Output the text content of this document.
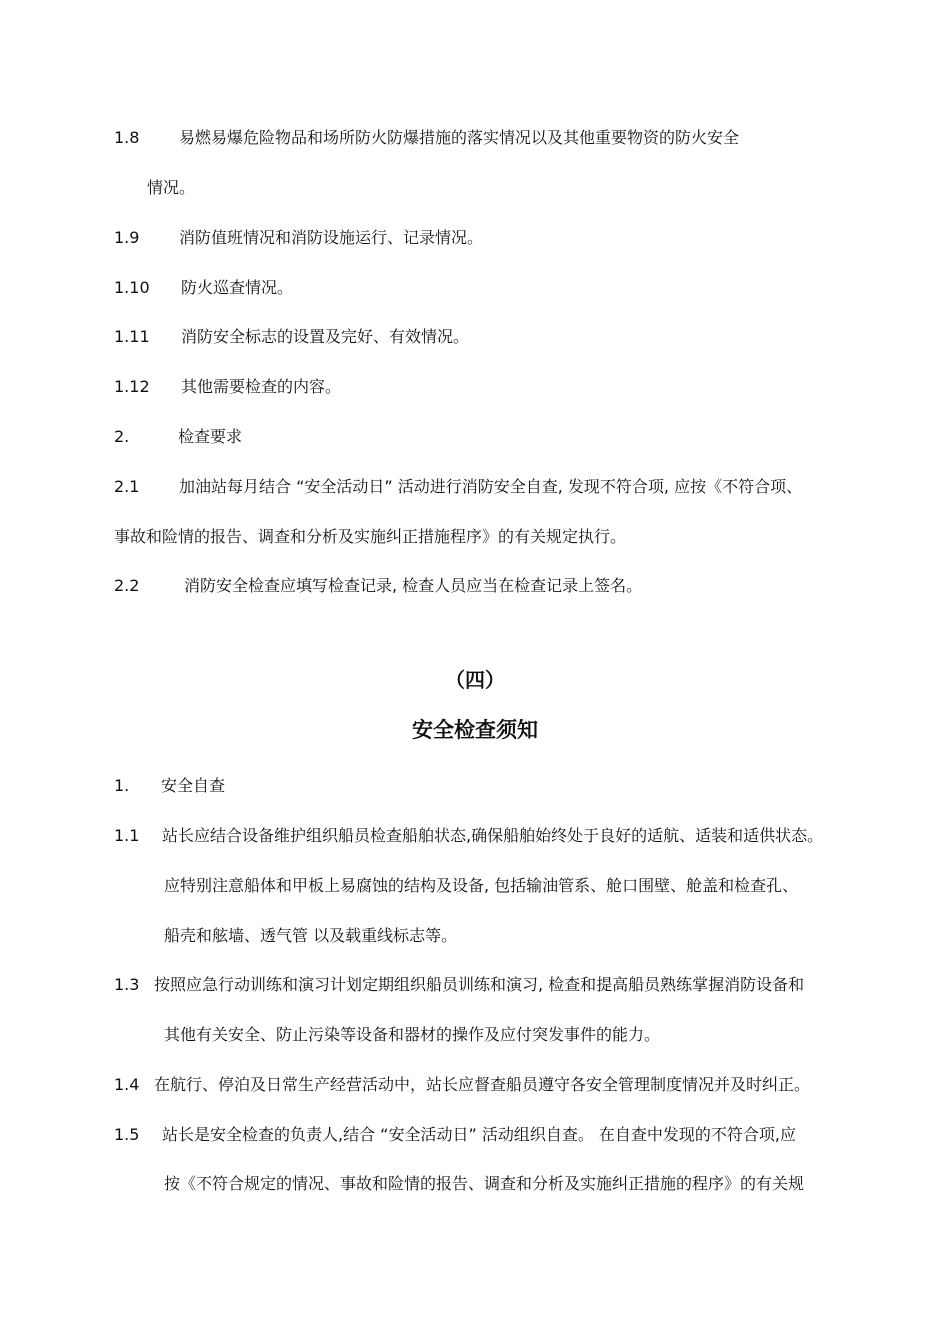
1.8 易燃易爆危险物品和场所防火防爆措施的落实情况以及其他重要物资的防火安全
情况。
1.9 消防值班情况和消防设施运行、记录情况。
1.10 防火巡查情况。
1.11 消防安全标志的设置及完好、有效情况。
1.12 其他需要检查的内容。
2.	检查要求
2.1 加油站每月结合 “安全活动日” 活动进行消防安全自查, 发现不符合项, 应按《不符合项、
事故和险情的报告、调查和分析及实施纠正措施程序》的有关规定执行。
2.2	消防安全检查应填写检查记录, 检查人员应当在检查记录上签名。
（四）
安全检查须知
1. 安全自查
1.1 站长应结合设备维护组织船员检查船舶状态,确保船舶始终处于良好的适航、适装和适供状态。
应特别注意船体和甲板上易腐蚀的结构及设备, 包括输油管系、舱口围壁、舱盖和检查孔、
船壳和舷墙、透气管 以及载重线标志等。
1.3 按照应急行动训练和演习计划定期组织船员训练和演习, 检查和提高船员熟练掌握消防设备和
其他有关安全、防止污染等设备和器材的操作及应付突发事件的能力。
1.4 在航行、停泊及日常生产经营活动中，站长应督查船员遵守各安全管理制度情况并及时纠正。
1.5 站长是安全检查的负责人,结合 “安全活动日” 活动组织自查。 在自查中发现的不符合项,应
按《不符合规定的情况、事故和险情的报告、调查和分析及实施纠正措施的程序》的有关规
